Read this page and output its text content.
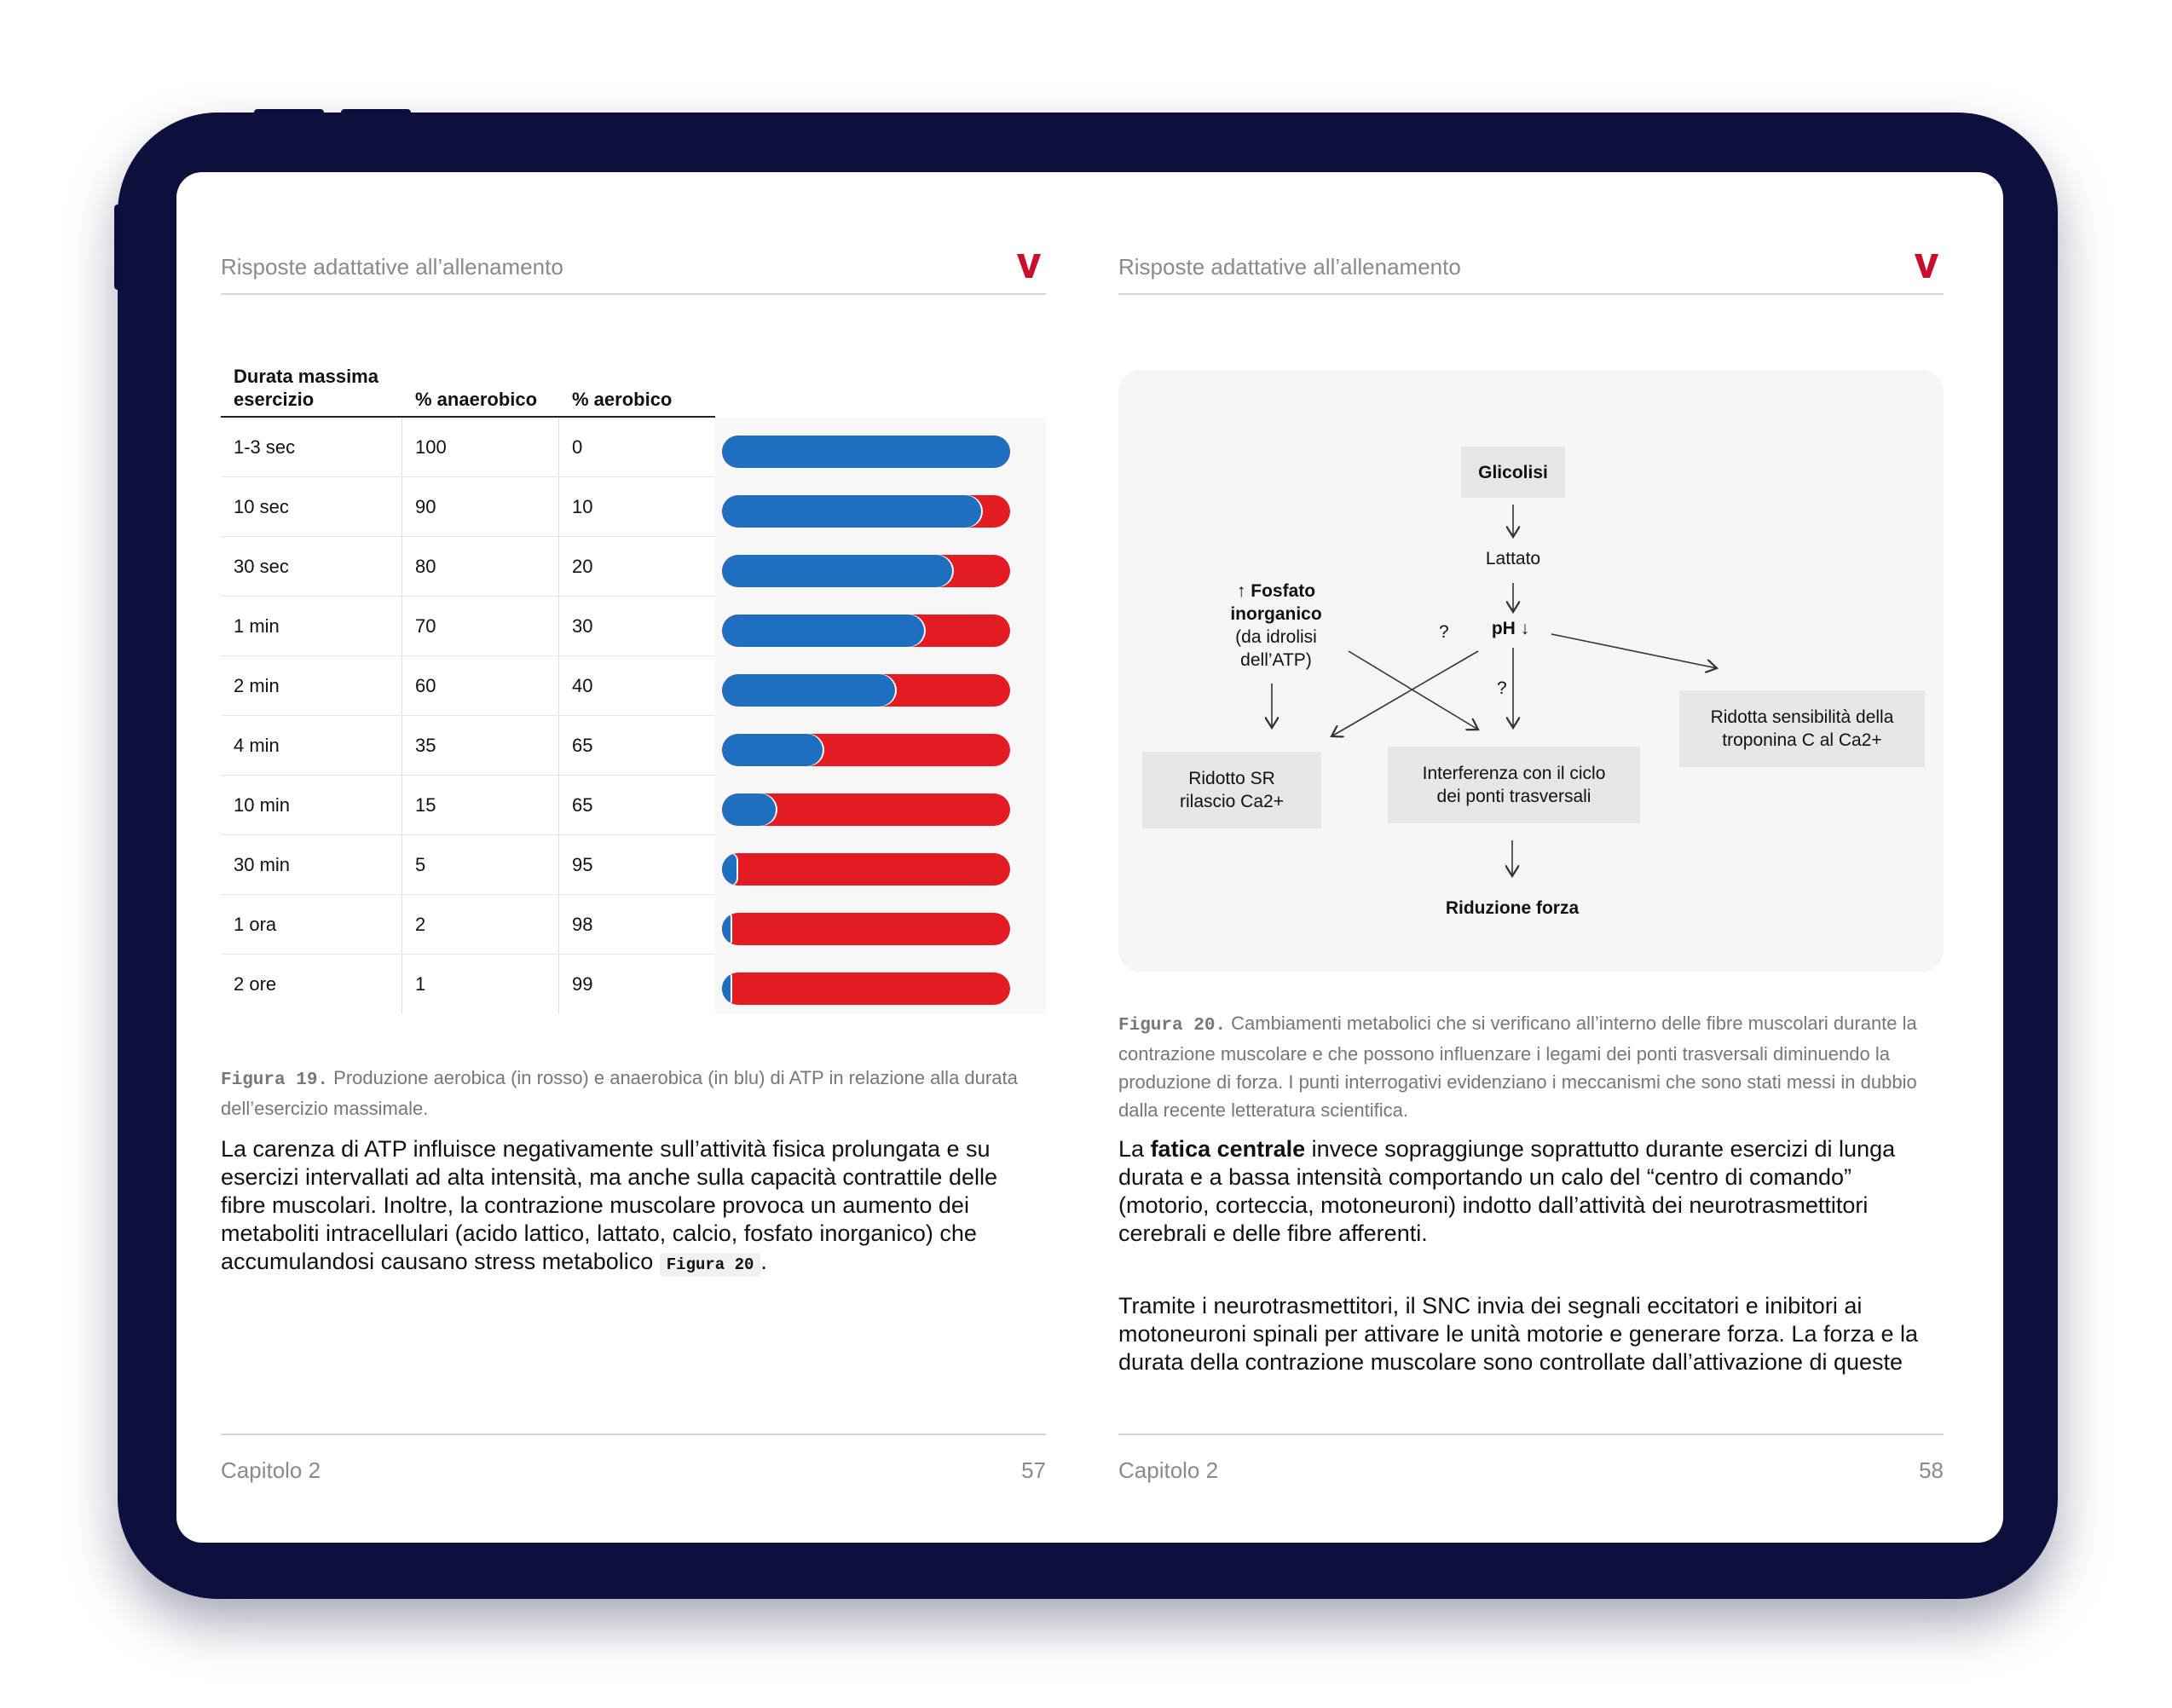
Risposte adattative all’allenamento
Durata massima esercizio	% anaerobico % aerobico
1-3 sec	100	0
10 sec	90	10
30 sec	80	20
1 min	70	30
2 min	60	40
4 min	35	65
10 min	15	65
30 min	5	95
1 ora	2	98
2 ore	1	99
Figura 19. Produzione aerobica (in rosso) e anaerobica (in blu) di ATP in relazione alla durata dell’esercizio massimale.
La carenza di ATP influisce negativamente sull’attività fisica prolungata e su esercizi intervallati ad alta intensità, ma anche sulla capacità contrattile delle fibre muscolari. Inoltre, la contrazione muscolare provoca un aumento dei metaboliti intracellulari (acido lattico, lattato, calcio, fosfato inorganico) che accumulandosi causano stress metabolico Figura 20 .
Capitolo 2	57
Risposte adattative all’allenamento
Glicolisi
Lattato
pH ↓
↑ Fosfato
inorganico
(da idrolisi
dell’ATP)
?
?
Ridotto SR
rilascio Ca2+
Interferenza con il ciclo
dei ponti trasversali
Ridotta sensibilità della
troponina C al Ca2+
Riduzione forza
Figura 20. Cambiamenti metabolici che si verificano all’interno delle fibre muscolari durante la contrazione muscolare e che possono influenzare i legami dei ponti trasversali diminuendo la produzione di forza. I punti interrogativi evidenziano i meccanismi che sono stati messi in dubbio dalla recente letteratura scientifica.
La fatica centrale invece sopraggiunge soprattutto durante esercizi di lunga durata e a bassa intensità comportando un calo del “centro di comando” (motorio, corteccia, motoneuroni) indotto dall’attività dei neurotrasmettitori cerebrali e delle fibre afferenti.
Tramite i neurotrasmettitori, il SNC invia dei segnali eccitatori e inibitori ai motoneuroni spinali per attivare le unità motorie e generare forza. La forza e la durata della contrazione muscolare sono controllate dall’attivazione di queste
Capitolo 2	58
